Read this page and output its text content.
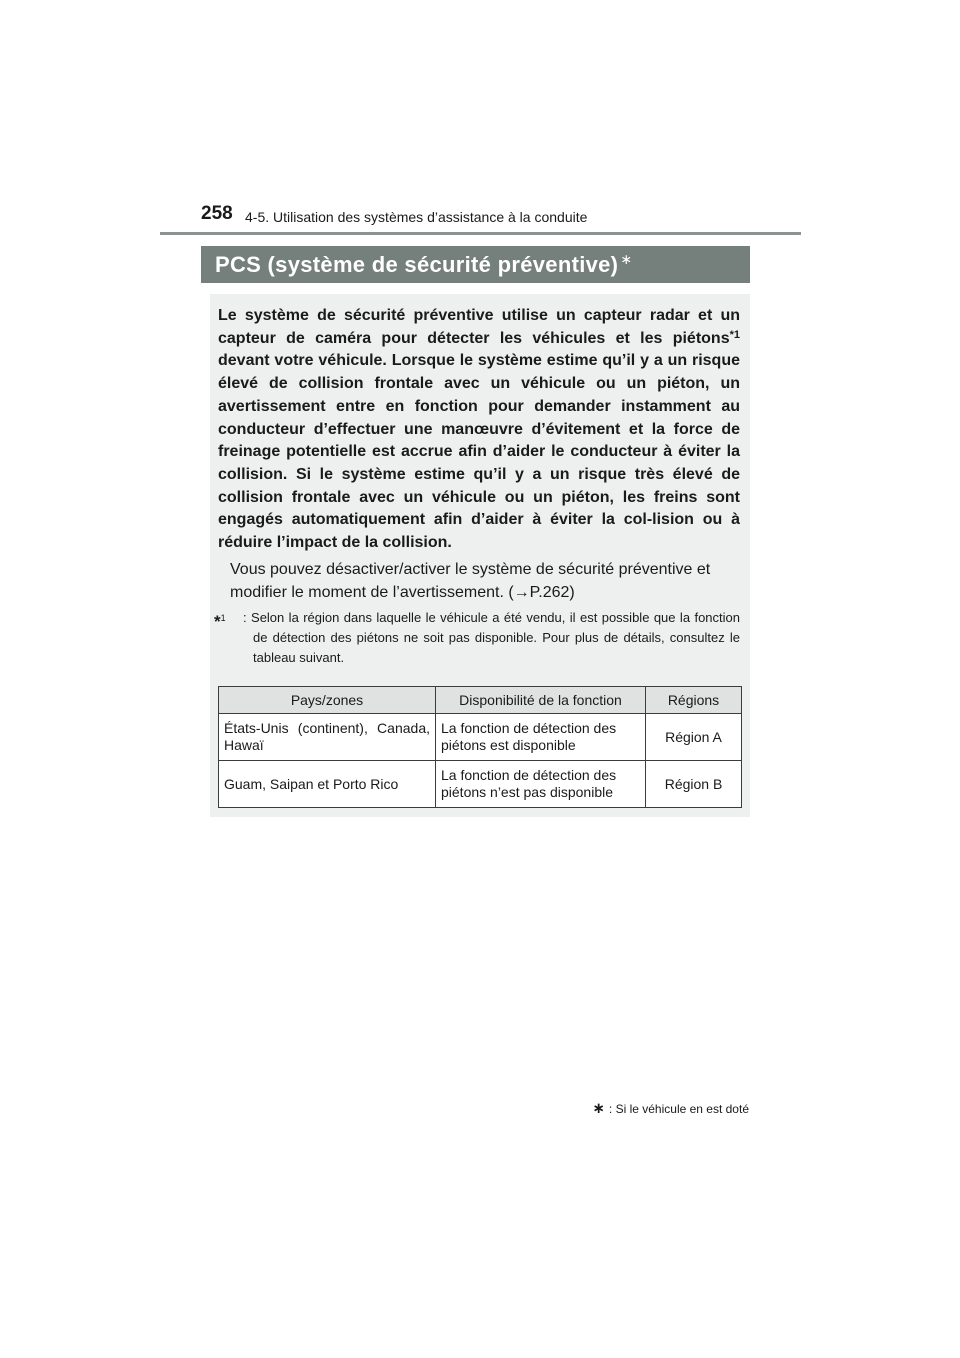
258 4-5. Utilisation des systèmes d’assistance à la conduite
PCS (système de sécurité préventive) ∗

Le système de sécurité préventive utilise un capteur radar et un capteur de caméra pour détecter les véhicules et les piétons$^{*1}$ devant votre véhicule. Lorsque le système estime qu’il y a un risque élevé de collision frontale avec un véhicule ou un piéton, un avertissement entre en fonction pour demander instamment au conducteur d’effectuer une manœuvre d’évitement et la force de freinage potentielle est accrue afin d’aider le conducteur à éviter la collision. Si le système estime qu’il y a un risque très élevé de collision frontale avec un véhicule ou un piéton, les freins sont engagés automatiquement afin d’aider à éviter la col-lision ou à réduire l’impact de la collision.

Vous pouvez désactiver/activer le système de sécurité préventive et modifier le moment de l’avertissement. (→P.262)

*$^1$ : Selon la région dans laquelle le véhicule a été vendu, il est possible que la fonction de détection des piétons ne soit pas disponible. Pour plus de détails, consultez le tableau suivant.
Pays/zones	Disponibilité de la fonction	Régions
États-Unis (continent), Canada, Hawaï	La fonction de détection des piétons est disponible	Région A
Guam, Saipan et Porto Rico	La fonction de détection des piétons n’est pas disponible	Région B
∗ : Si le véhicule en est doté
